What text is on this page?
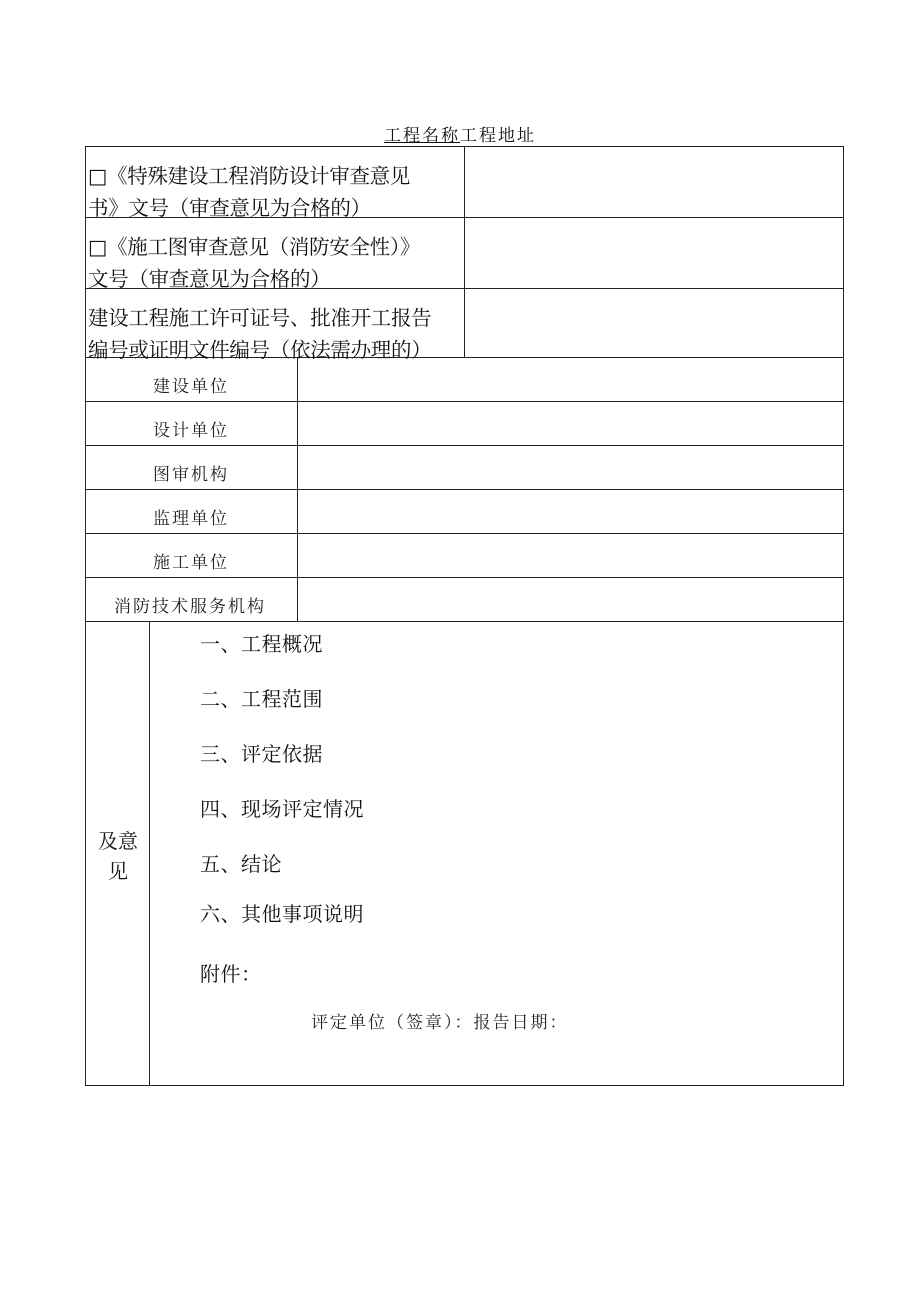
工程名称工程地址
□《特殊建设工程消防设计审查意见
书》文号（审查意见为合格的）
□《施工图审查意见（消防安全性）》
文号（审查意见为合格的）
建设工程施工许可证号、批准开工报告
编号或证明文件编号（依法需办理的）
建设单位
设计单位
图审机构
监理单位
施工单位
消防技术服务机构
及意
见
一、工程概况
二、工程范围
三、评定依据
四、现场评定情况
五、结论
六、其他事项说明
附件：
评定单位（签章）：报告日期：
